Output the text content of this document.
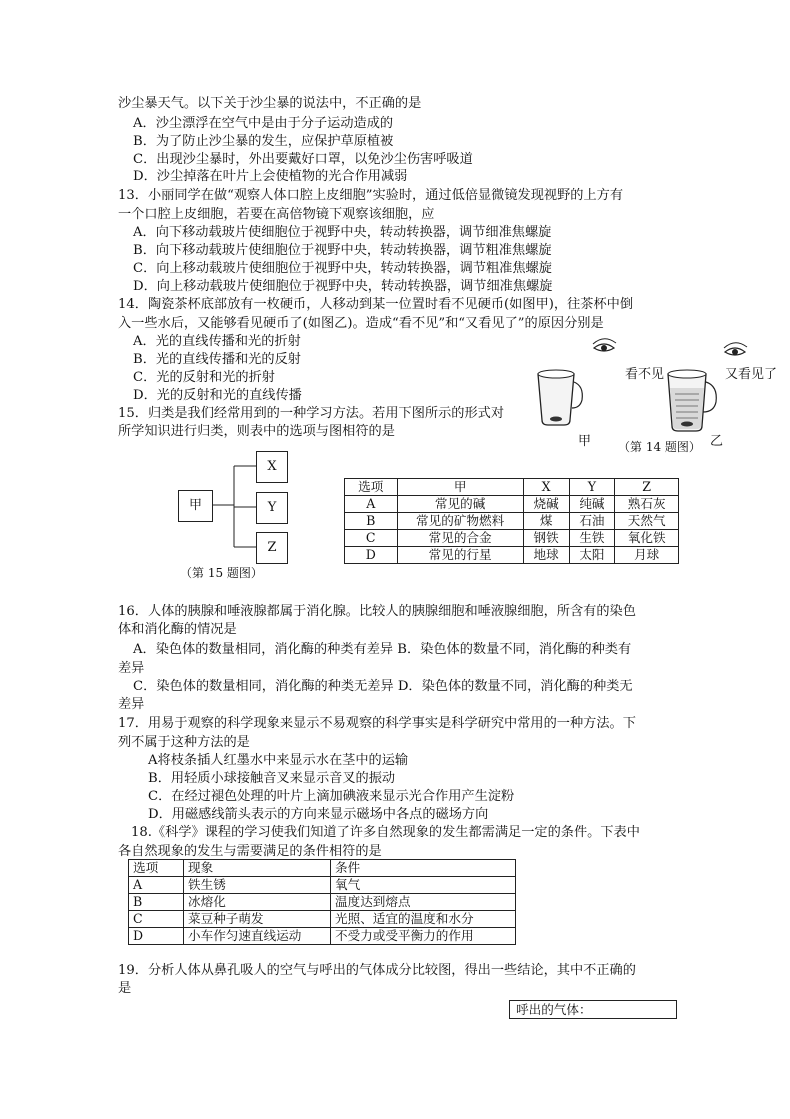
沙尘暴天气。以下关于沙尘暴的说法中，不正确的是
A．沙尘漂浮在空气中是由于分子运动造成的
B．为了防止沙尘暴的发生，应保护草原植被
C．出现沙尘暴时，外出要戴好口罩，以免沙尘伤害呼吸道
D．沙尘掉落在叶片上会使植物的光合作用减弱
13．小丽同学在做“观察人体口腔上皮细胞”实验时，通过低倍显微镜发现视野的上方有
一个口腔上皮细胞，若要在高倍物镜下观察该细胞，应
A．向下移动载玻片使细胞位于视野中央，转动转换器，调节细准焦螺旋
B．向下移动载玻片使细胞位于视野中央，转动转换器，调节粗准焦螺旋
C．向上移动载玻片使细胞位于视野中央，转动转换器，调节粗准焦螺旋
D．向上移动载玻片使细胞位于视野中央，转动转换器，调节细准焦螺旋
14．陶瓷茶杯底部放有一枚硬币，人移动到某一位置时看不见硬币(如图甲)，往茶杯中倒
入一些水后，又能够看见硬币了(如图乙)。造成“看不见”和“又看见了”的原因分别是
A．光的直线传播和光的折射
B．光的直线传播和光的反射
C．光的反射和光的折射
D．光的反射和光的直线传播
看不见	又看见了
甲	乙
（第 14 题图）
15．归类是我们经常用到的一种学习方法。若用下图所示的形式对
所学知识进行归类，则表中的选项与图相符的是
甲
X
Y
Z
（第 15 题图）
选项	甲	X	Y	Z
A	常见的碱	烧碱	纯碱	熟石灰
B	常见的矿物燃料	煤	石油	天然气
C	常见的合金	钢铁	生铁	氧化铁
D	常见的行星	地球	太阳	月球
16．人体的胰腺和唾液腺都属于消化腺。比较人的胰腺细胞和唾液腺细胞，所含有的染色
体和消化酶的情况是
A．染色体的数量相同，消化酶的种类有差异 B．染色体的数量不同，消化酶的种类有
差异
C．染色体的数量相同，消化酶的种类无差异 D．染色体的数量不同，消化酶的种类无
差异
17．用易于观察的科学现象来显示不易观察的科学事实是科学研究中常用的一种方法。下
列不属于这种方法的是
A将枝条插人红墨水中来显示水在茎中的运输
B．用轻质小球接触音叉来显示音叉的振动
C．在经过褪色处理的叶片上滴加碘液来显示光合作用产生淀粉
D．用磁感线箭头表示的方向来显示磁场中各点的磁场方向
18.《科学》课程的学习使我们知道了许多自然现象的发生都需满足一定的条件。下表中
各自然现象的发生与需要满足的条件相符的是
选项	现象	条件
A	铁生锈	氧气
B	冰熔化	温度达到熔点
C	菜豆种子萌发	光照、适宜的温度和水分
D	小车作匀速直线运动	不受力或受平衡力的作用
19．分析人体从鼻孔吸人的空气与呼出的气体成分比较图，得出一些结论，其中不正确的
是
呼出的气体：
